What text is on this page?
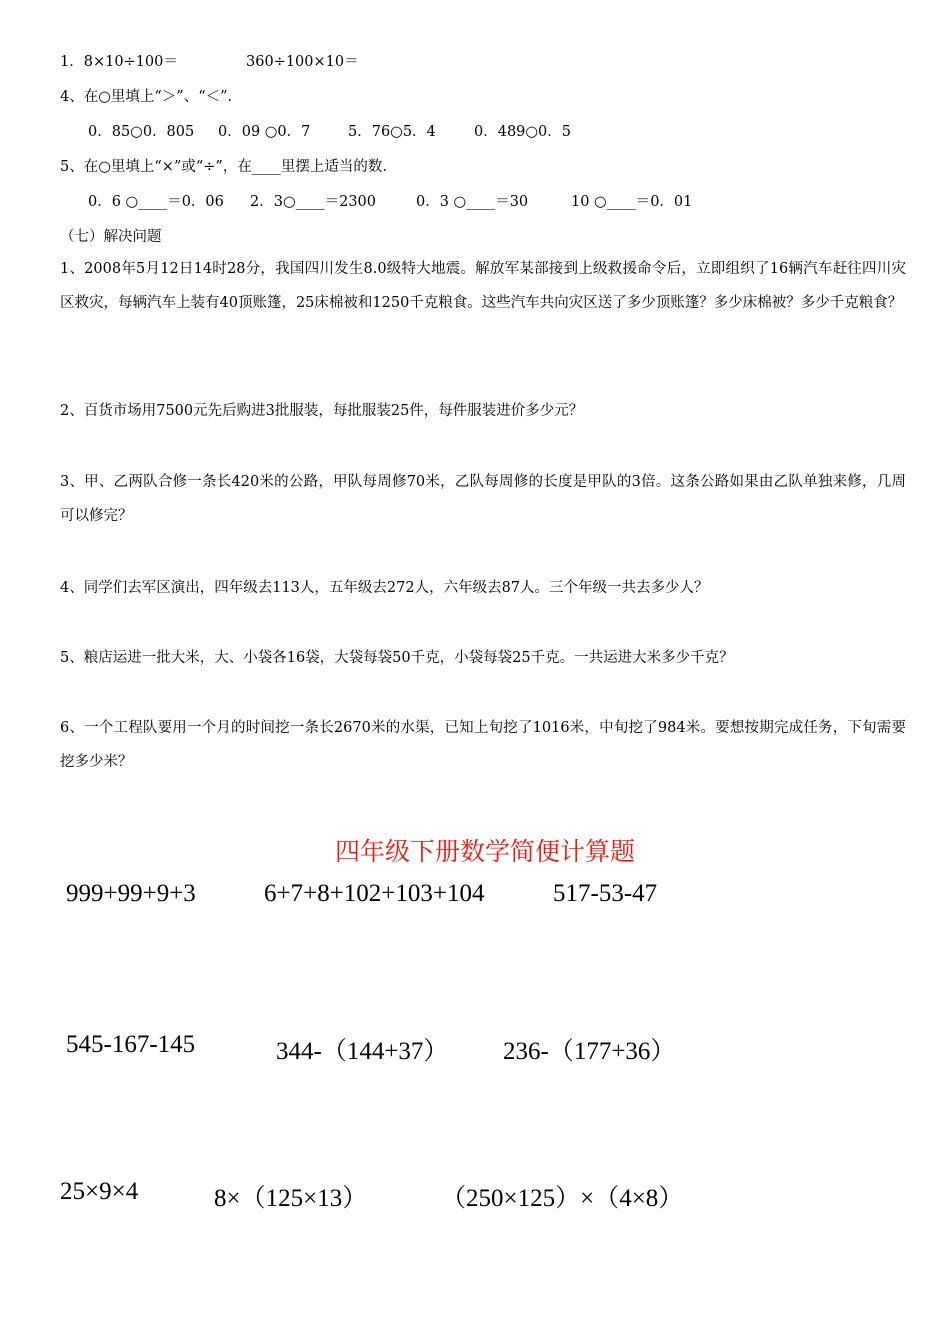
1．8×10÷100＝	360÷100×10＝
4、在○里填上“＞”、“＜”.
0．85○0．805 0．09 ○0．7	5．76○5．4	0．489○0．5
5、在○里填上“×”或“÷”，在____里摆上适当的数.
0．6 ○____＝0．06 2．3○____＝2300	0．3 ○____＝30	10 ○____＝0．01
（七）解决问题
1、2008年5月12日14时28分，我国四川发生8.0级特大地震。解放军某部接到上级救援命令后，立即组织了16辆汽车赶往四川灾区救灾，每辆汽车上装有40顶账篷，25床棉被和1250千克粮食。这些汽车共向灾区送了多少顶账篷？多少床棉被？多少千克粮食？
2、百货市场用7500元先后购进3批服装，每批服装25件，每件服装进价多少元？
3、甲、乙两队合修一条长420米的公路，甲队每周修70米，乙队每周修的长度是甲队的3倍。这条公路如果由乙队单独来修，几周可以修完？
4、同学们去军区演出，四年级去113人，五年级去272人，六年级去87人。三个年级一共去多少人？
5、粮店运进一批大米，大、小袋各16袋，大袋每袋50千克，小袋每袋25千克。一共运进大米多少千克？
6、一个工程队要用一个月的时间挖一条长2670米的水渠，已知上旬挖了1016米，中旬挖了984米。要想按期完成任务，下旬需要挖多少米？
四年级下册数学简便计算题
999+99+9+3	6+7+8+102+103+104	517-53-47
545-167-145	344-（144+37） 236-（177+36）
25×9×4	8×（125×13）	（250×125）×（4×8）
